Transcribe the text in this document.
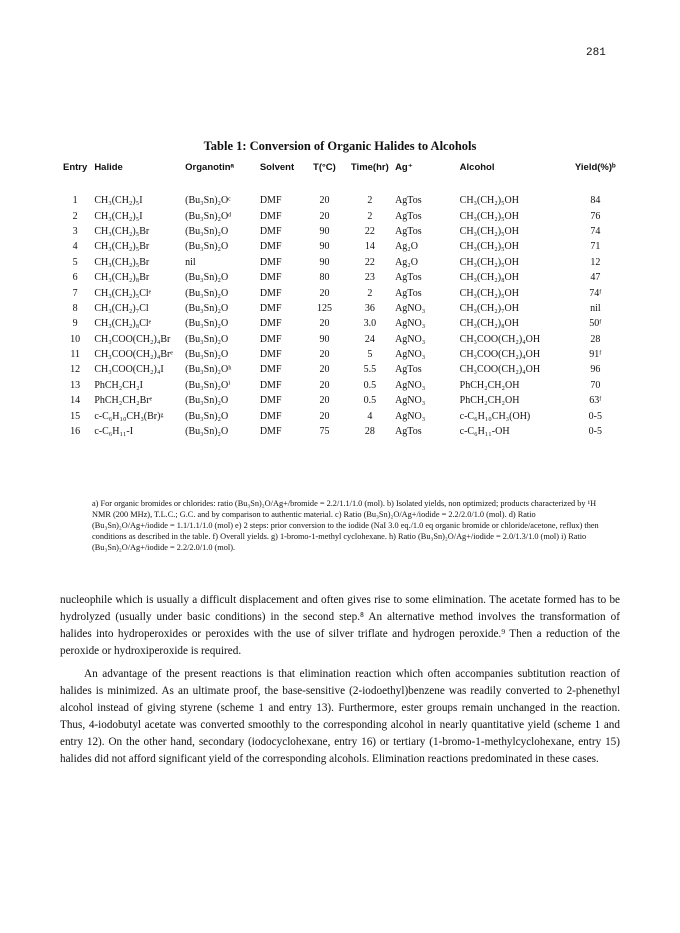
281
Table 1: Conversion of Organic Halides to Alcohols
Entry	Halide	Organotinᵃ	Solvent	T(°C)	Time(hr)	Ag⁺	Alcohol	Yield(%)ᵇ
1	CH₃(CH₂)₅I	(Bu₃Sn)₂Oᶜ	DMF	20	2	AgTos	CH₃(CH₂)₅OH	84
2	CH₃(CH₂)₅I	(Bu₃Sn)₂Oᵈ	DMF	20	2	AgTos	CH₃(CH₂)₅OH	76
3	CH₃(CH₂)₅Br	(Bu₃Sn)₂O	DMF	90	22	AgTos	CH₃(CH₂)₅OH	74
4	CH₃(CH₂)₅Br	(Bu₃Sn)₂O	DMF	90	14	Ag₂O	CH₃(CH₂)₅OH	71
5	CH₃(CH₂)₅Br	nil	DMF	90	22	Ag₂O	CH₃(CH₂)₅OH	12
6	CH₃(CH₂)₈Br	(Bu₃Sn)₂O	DMF	80	23	AgTos	CH₃(CH₂)₈OH	47
7	CH₃(CH₂)₅Clᵉ	(Bu₃Sn)₂O	DMF	20	2	AgTos	CH₃(CH₂)₅OH	74ᶠ
8	CH₃(CH₂)₇Cl	(Bu₃Sn)₂O	DMF	125	36	AgNO₃	CH₃(CH₂)₇OH	nil
9	CH₃(CH₂)₈Clᵉ	(Bu₃Sn)₂O	DMF	20	3.0	AgNO₃	CH₃(CH₂)₈OH	50ᶠ
10	CH₃COO(CH₂)₄Br	(Bu₃Sn)₂O	DMF	90	24	AgNO₃	CH₃COO(CH₂)₄OH	28
11	CH₃COO(CH₂)₄Brᵉ	(Bu₃Sn)₂O	DMF	20	5	AgNO₃	CH₃COO(CH₂)₄OH	91ᶠ
12	CH₃COO(CH₂)₄I	(Bu₃Sn)₂Oʰ	DMF	20	5.5	AgTos	CH₃COO(CH₂)₄OH	96
13	PhCH₂CH₂I	(Bu₃Sn)₂Oⁱ	DMF	20	0.5	AgNO₃	PhCH₂CH₂OH	70
14	PhCH₂CH₂Brᵉ	(Bu₃Sn)₂O	DMF	20	0.5	AgNO₃	PhCH₂CH₂OH	63ᶠ
15	c-C₆H₁₀CH₃(Br)ᵍ	(Bu₃Sn)₂O	DMF	20	4	AgNO₃	c-C₆H₁₀CH₃(OH)	0-5
16	c-C₆H₁₁-I	(Bu₃Sn)₂O	DMF	75	28	AgTos	c-C₆H₁₁-OH	0-5
a) For organic bromides or chlorides: ratio (Bu₃Sn)₂O/Ag+/bromide = 2.2/1.1/1.0 (mol). b) Isolated yields, non optimized; products characterized by ¹H NMR (200 MHz), T.L.C.; G.C. and by comparison to authentic material. c) Ratio (Bu₃Sn)₂O/Ag+/iodide = 2.2/2.0/1.0 (mol). d) Ratio (Bu₃Sn)₂O/Ag+/iodide = 1.1/1.1/1.0 (mol) e) 2 steps: prior conversion to the iodide (NaI 3.0 eq./1.0 eq organic bromide or chloride/acetone, reflux) then conditions as described in the table. f) Overall yields. g) 1-bromo-1-methyl cyclohexane. h) Ratio (Bu₃Sn)₂O/Ag+/iodide = 2.0/1.3/1.0 (mol) i) Ratio (Bu₃Sn)₂O/Ag+/iodide = 2.2/2.0/1.0 (mol).

nucleophile which is usually a difficult displacement and often gives rise to some elimination. The acetate formed has to be hydrolyzed (usually under basic conditions) in the second step.⁸ An alternative method involves the transformation of halides into hydroperoxides or peroxides with the use of silver triflate and hydrogen peroxide.⁹ Then a reduction of the peroxide or hydroxiperoxide is required.

An advantage of the present reactions is that elimination reaction which often accompanies subtitution reaction of halides is minimized. As an ultimate proof, the base-sensitive (2-iodoethyl)benzene was readily converted to 2-phenethyl alcohol instead of giving styrene (scheme 1 and entry 13). Furthermore, ester groups remain unchanged in the reaction. Thus, 4-iodobutyl acetate was converted smoothly to the corresponding alcohol in nearly quantitative yield (scheme 1 and entry 12). On the other hand, secondary (iodocyclohexane, entry 16) or tertiary (1-bromo-1-methylcyclohexane, entry 15) halides did not afford significant yield of the corresponding alcohols. Elimination reactions predominated in these cases.
